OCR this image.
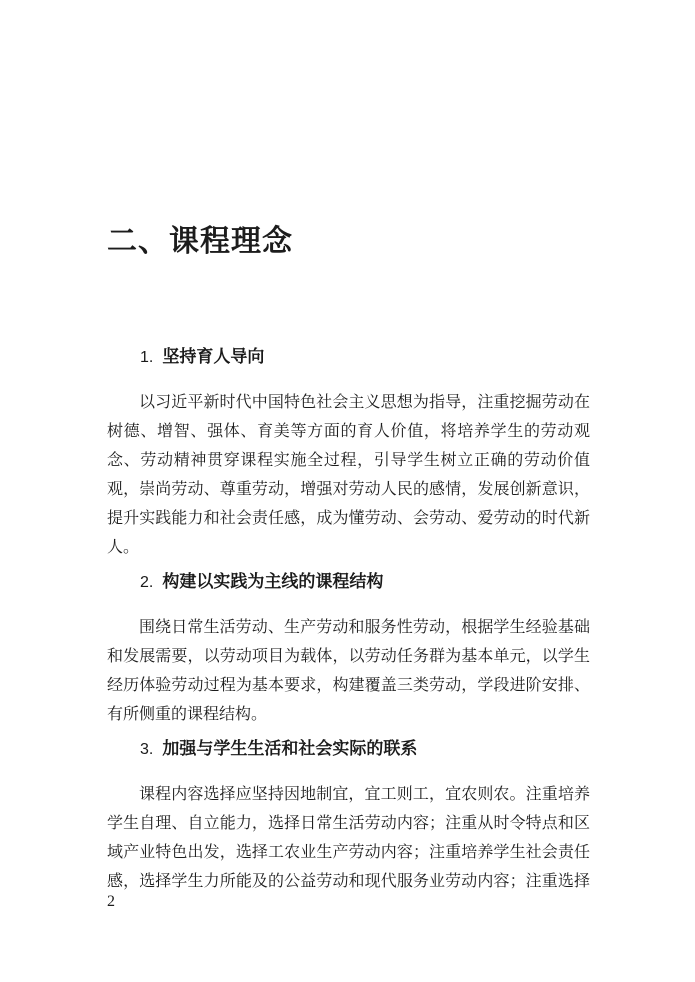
二、课程理念
1. 坚持育人导向

以习近平新时代中国特色社会主义思想为指导，注重挖掘劳动在树德、增智、强体、育美等方面的育人价值，将培养学生的劳动观念、劳动精神贯穿课程实施全过程，引导学生树立正确的劳动价值观，崇尚劳动、尊重劳动，增强对劳动人民的感情，发展创新意识，提升实践能力和社会责任感，成为懂劳动、会劳动、爱劳动的时代新人。

2. 构建以实践为主线的课程结构

围绕日常生活劳动、生产劳动和服务性劳动，根据学生经验基础和发展需要，以劳动项目为载体，以劳动任务群为基本单元，以学生经历体验劳动过程为基本要求，构建覆盖三类劳动，学段进阶安排、有所侧重的课程结构。

3. 加强与学生生活和社会实际的联系

课程内容选择应坚持因地制宜，宜工则工，宜农则农。注重培养学生自理、自立能力，选择日常生活劳动内容；注重从时令特点和区域产业特色出发，选择工农业生产劳动内容；注重培养学生社会责任感，选择学生力所能及的公益劳动和现代服务业劳动内容；注重选择

2
